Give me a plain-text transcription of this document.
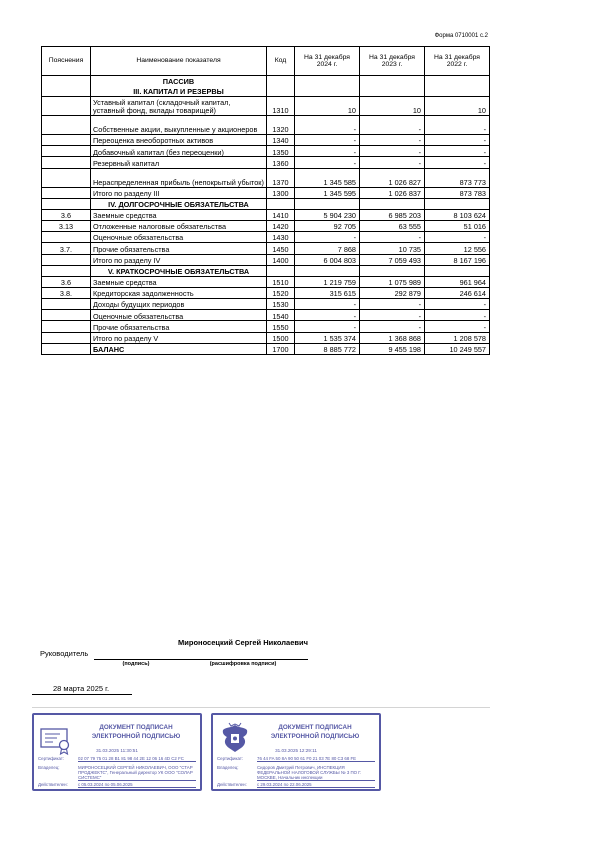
Форма 0710001 с.2
Пояснения	Наименование показателя	Код	На 31 декабря 2024 г.	На 31 декабря 2023 г.	На 31 декабря 2022 г.
	ПАССИВ				
	III. КАПИТАЛ И РЕЗЕРВЫ				
	Уставный капитал (складочный капитал, уставный фонд, вклады товарищей)	1310	10	10	10
	Собственные акции, выкупленные у акционеров	1320	-	-	-
	Переоценка внеоборотных активов	1340	-	-	-
	Добавочный капитал (без переоценки)	1350	-	-	-
	Резервный капитал	1360	-	-	-
	Нераспределенная прибыль (непокрытый убыток)	1370	1 345 585	1 026 827	873 773
	Итого по разделу III	1300	1 345 595	1 026 837	873 783
	IV. ДОЛГОСРОЧНЫЕ ОБЯЗАТЕЛЬСТВА				
3.6	Заемные средства	1410	5 904 230	6 985 203	8 103 624
3.13	Отложенные налоговые обязательства	1420	92 705	63 555	51 016
	Оценочные обязательства	1430	-	-	-
3.7.	Прочие обязательства	1450	7 868	10 735	12 556
	Итого по разделу IV	1400	6 004 803	7 059 493	8 167 196
	V. КРАТКОСРОЧНЫЕ ОБЯЗАТЕЛЬСТВА				
3.6	Заемные средства	1510	1 219 759	1 075 989	961 964
3.8.	Кредиторская задолженность	1520	315 615	292 879	246 614
	Доходы будущих периодов	1530	-	-	-
	Оценочные обязательства	1540	-	-	-
	Прочие обязательства	1550	-	-	-
	Итого по разделу V	1500	1 535 374	1 368 868	1 208 578
	БАЛАНС	1700	8 885 772	9 455 198	10 249 557
Руководитель
(подпись)
Мироносецкий Сергей Николаевич
(расшифровка подписи)
28 марта 2025 г.
ДОКУМЕНТ ПОДПИСАН
ЭЛЕКТРОННОЙ ПОДПИСЬЮ
31.03.2025 11:30:51
Сертификат:	02 07 79 75 01 28 B1 81 98 44 2E 12 06 16 4D C2 FC
Владелец:	МИРОНОСЕЦКИЙ СЕРГЕЙ НИКОЛАЕВИЧ, ООО "СТАР ПРОДЖЕКТС", Генеральный директор УК ООО "СОЛАР СИСТЕМС"
Действителен:	с 05.03.2024 по 05.06.2025
ДОКУМЕНТ ПОДПИСАН
ЭЛЕКТРОННОЙ ПОДПИСЬЮ
31.03.2025 12:29:11
Сертификат:	76 44 FA 50 8A 90 50 61 F0 21 03 7E 80 C3 68 FE
Владелец:	Сидоров Дмитрий Петрович, ИНСПЕКЦИЯ ФЕДЕРАЛЬНОЙ НАЛОГОВОЙ СЛУЖБЫ № 3 ПО Г. МОСКВЕ, Начальник инспекции
Действителен:	с 29.03.2024 по 22.06.2025
